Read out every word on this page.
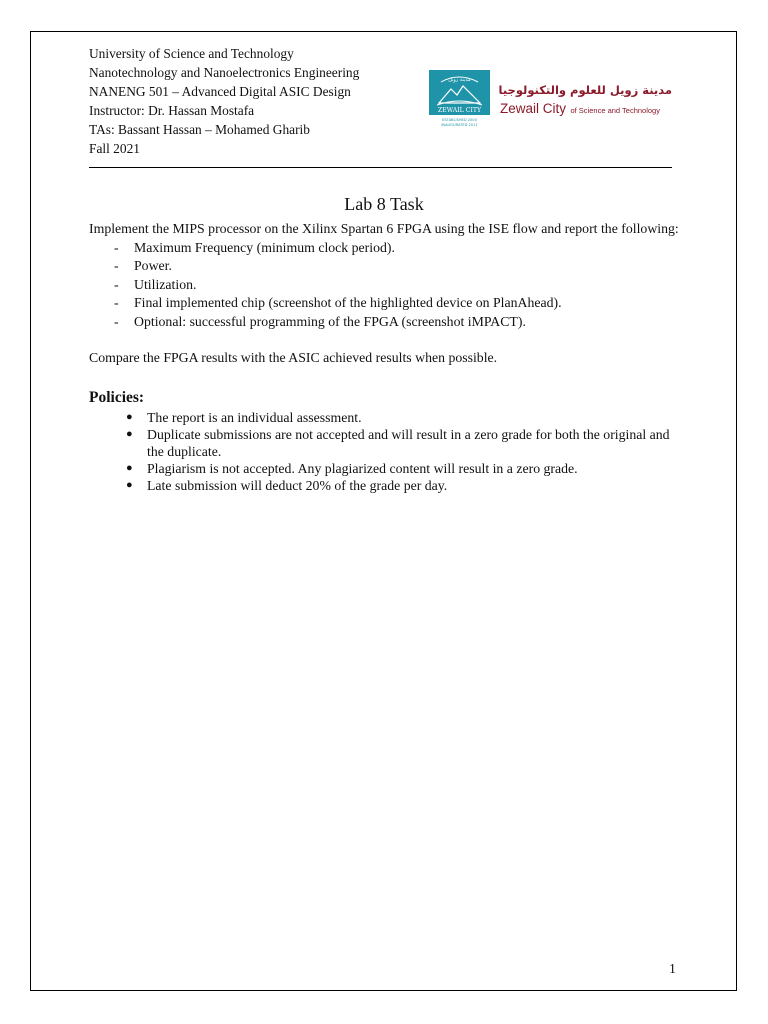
University of Science and Technology
Nanotechnology and Nanoelectronics Engineering
NANENG 501 – Advanced Digital ASIC Design
Instructor: Dr. Hassan Mostafa
TAs: Bassant Hassan – Mohamed Gharib
Fall 2021
مدينة زويل
ZEWAIL CITY
ESTABLISHED 2000
INAUGURATED 2011
مدينة زويل للعلوم والتكنولوجيا
Zewail City of Science and Technology
Lab 8 Task
Implement the MIPS processor on the Xilinx Spartan 6 FPGA using the ISE flow and report the following:
- Maximum Frequency (minimum clock period).
- Power.
- Utilization.
- Final implemented chip (screenshot of the highlighted device on PlanAhead).
- Optional: successful programming of the FPGA (screenshot iMPACT).
Compare the FPGA results with the ASIC achieved results when possible.
Policies:
● The report is an individual assessment.
● Duplicate submissions are not accepted and will result in a zero grade for both the original and the duplicate.
● Plagiarism is not accepted. Any plagiarized content will result in a zero grade.
● Late submission will deduct 20% of the grade per day.
1
